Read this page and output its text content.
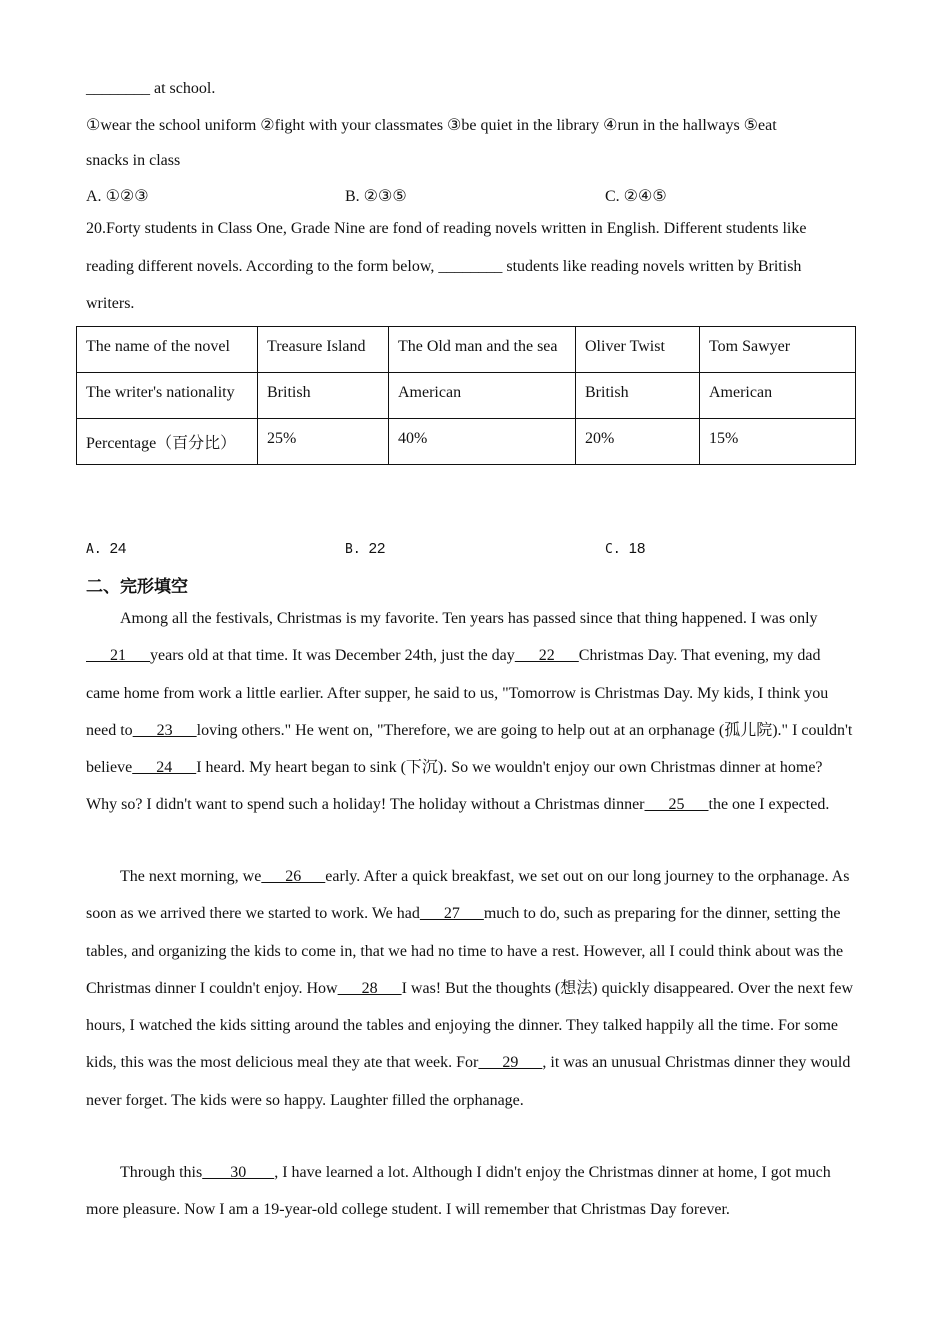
________ at school.
①wear the school uniform ②fight with your classmates ③be quiet in the library ④run in the hallways ⑤eat
snacks in class
A. ①②③	B. ②③⑤	C. ②④⑤
20.Forty students in Class One, Grade Nine are fond of reading novels written in English. Different students like
reading different novels. According to the form below, ________ students like reading novels written by British
writers.
The name of the novel	Treasure Island	The Old man and the sea	Oliver Twist	Tom Sawyer
The writer's nationality	British	American	British	American
Percentage（百分比）	25%	40%	20%	15%
A. 24	B. 22	C. 18
二、完形填空
Among all the festivals, Christmas is my favorite. Ten years has passed since that thing happened. I was only      21      years old at that time. It was December 24th, just the day      22      Christmas Day. That evening, my dad came home from work a little earlier. After supper, he said to us, "Tomorrow is Christmas Day. My kids, I think you need to      23      loving others." He went on, "Therefore, we are going to help out at an orphanage (孤儿院)." I couldn't believe      24      I heard. My heart began to sink (下沉). So we wouldn't enjoy our own Christmas dinner at home? Why so? I didn't want to spend such a holiday! The holiday without a Christmas dinner      25      the one I expected.
The next morning, we      26      early. After a quick breakfast, we set out on our long journey to the orphanage. As soon as we arrived there we started to work. We had      27      much to do, such as preparing for the dinner, setting the tables, and organizing the kids to come in, that we had no time to have a rest. However, all I could think about was the Christmas dinner I couldn't enjoy. How      28      I was! But the thoughts (想法) quickly disappeared. Over the next few hours, I watched the kids sitting around the tables and enjoying the dinner. They talked happily all the time. For some kids, this was the most delicious meal they ate that week. For      29      , it was an unusual Christmas dinner they would never forget. The kids were so happy. Laughter filled the orphanage.
Through this       30       , I have learned a lot. Although I didn't enjoy the Christmas dinner at home, I got much more pleasure. Now I am a 19-year-old college student. I will remember that Christmas Day forever.
